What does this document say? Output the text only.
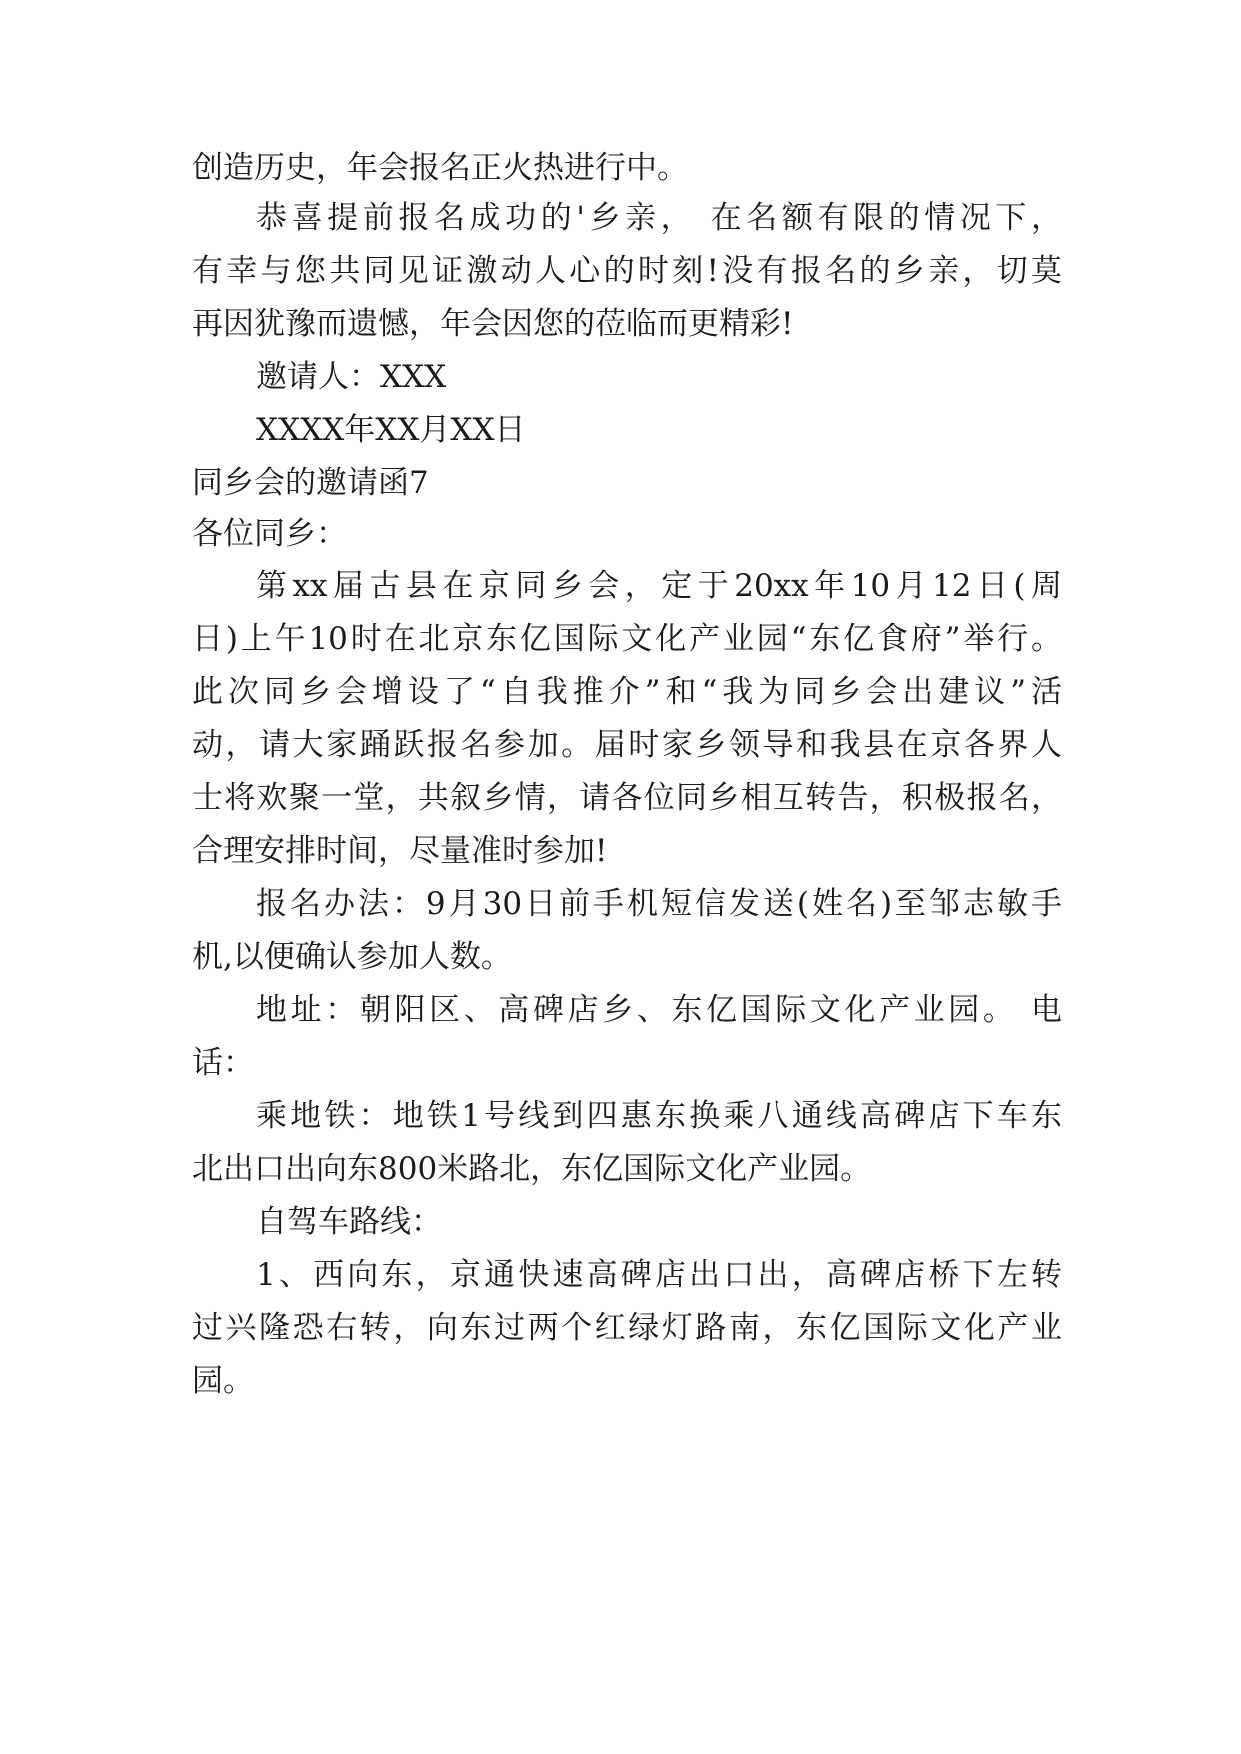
创造历史，年会报名正火热进行中。

恭喜提前报名成功的'乡亲， 在名额有限的情况下，

有幸与您共同见证激动人心的时刻!没有报名的乡亲，切莫

再因犹豫而遗憾，年会因您的莅临而更精彩!

邀请人：XXX

XXXX年XX月XX日

同乡会的邀请函7

各位同乡：

第xx届古县在京同乡会，定于20xx年10月12日(周

日)上午10时在北京东亿国际文化产业园“东亿食府”举行。

此次同乡会增设了“自我推介”和“我为同乡会出建议”活

动，请大家踊跃报名参加。届时家乡领导和我县在京各界人

士将欢聚一堂，共叙乡情，请各位同乡相互转告，积极报名，

合理安排时间，尽量准时参加!

报名办法：9月30日前手机短信发送(姓名)至邹志敏手

机,以便确认参加人数。

地址：朝阳区、高碑店乡、东亿国际文化产业园。 电

话：

乘地铁：地铁1号线到四惠东换乘八通线高碑店下车东

北出口出向东800米路北，东亿国际文化产业园。

自驾车路线：

1、西向东，京通快速高碑店出口出，高碑店桥下左转

过兴隆恐右转，向东过两个红绿灯路南，东亿国际文化产业

园。
